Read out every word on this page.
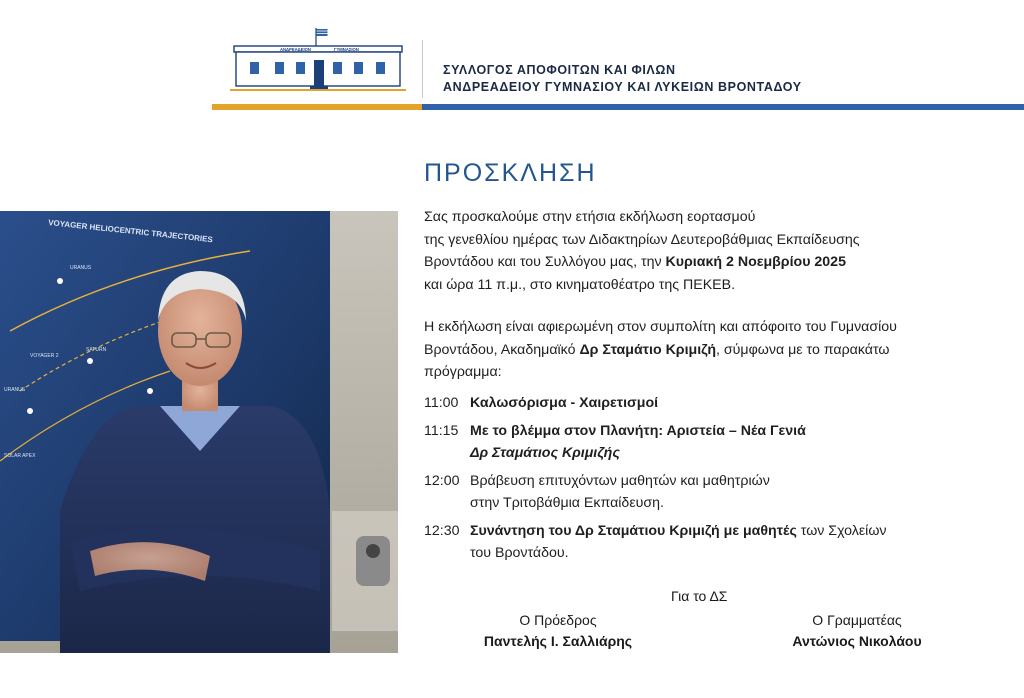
ΑΝΔΡΕΑΔΕΙΟΝ	ΓΥΜΝΑΣΙΟΝ
ΣΥΛΛΟΓΟΣ ΑΠΟΦΟΙΤΩΝ ΚΑΙ ΦΙΛΩΝ
ΑΝΔΡΕΑΔΕΙΟΥ ΓΥΜΝΑΣΙΟΥ ΚΑΙ ΛΥΚΕΙΩΝ ΒΡΟΝΤΑΔΟΥ
ΠΡΟΣΚΛΗΣΗ
VOYAGER HELIOCENTRIC TRAJECTORIES
URANUS
SATURN
VOYAGER 2
URANUS
SOLAR APEX
Σας προσκαλούμε στην ετήσια εκδήλωση εορτασμού
της γενεθλίου ημέρας των Διδακτηρίων Δευτεροβάθμιας Εκπαίδευσης
Βροντάδου και του Συλλόγου μας, την Κυριακή 2 Νοεμβρίου 2025
και ώρα 11 π.μ., στο κινηματοθέατρο της ΠΕΚΕΒ.
Η εκδήλωση είναι αφιερωμένη στον συμπολίτη και απόφοιτο του Γυμνασίου
Βροντάδου, Ακαδημαϊκό Δρ Σταμάτιο Κριμιζή, σύμφωνα με το παρακάτω
πρόγραμμα:
11:00 Καλωσόρισμα - Χαιρετισμοί
11:15 Με το βλέμμα στον Πλανήτη: Αριστεία – Νέα Γενιά
Δρ Σταμάτιος Κριμιζής
12:00 Βράβευση επιτυχόντων μαθητών και μαθητριών
στην Τριτοβάθμια Εκπαίδευση.
12:30 Συνάντηση του Δρ Σταμάτιου Κριμιζή με μαθητές των Σχολείων
του Βροντάδου.
Για το ΔΣ
Ο Πρόεδρος
Παντελής Ι. Σαλλιάρης
Ο Γραμματέας
Αντώνιος Νικολάου
